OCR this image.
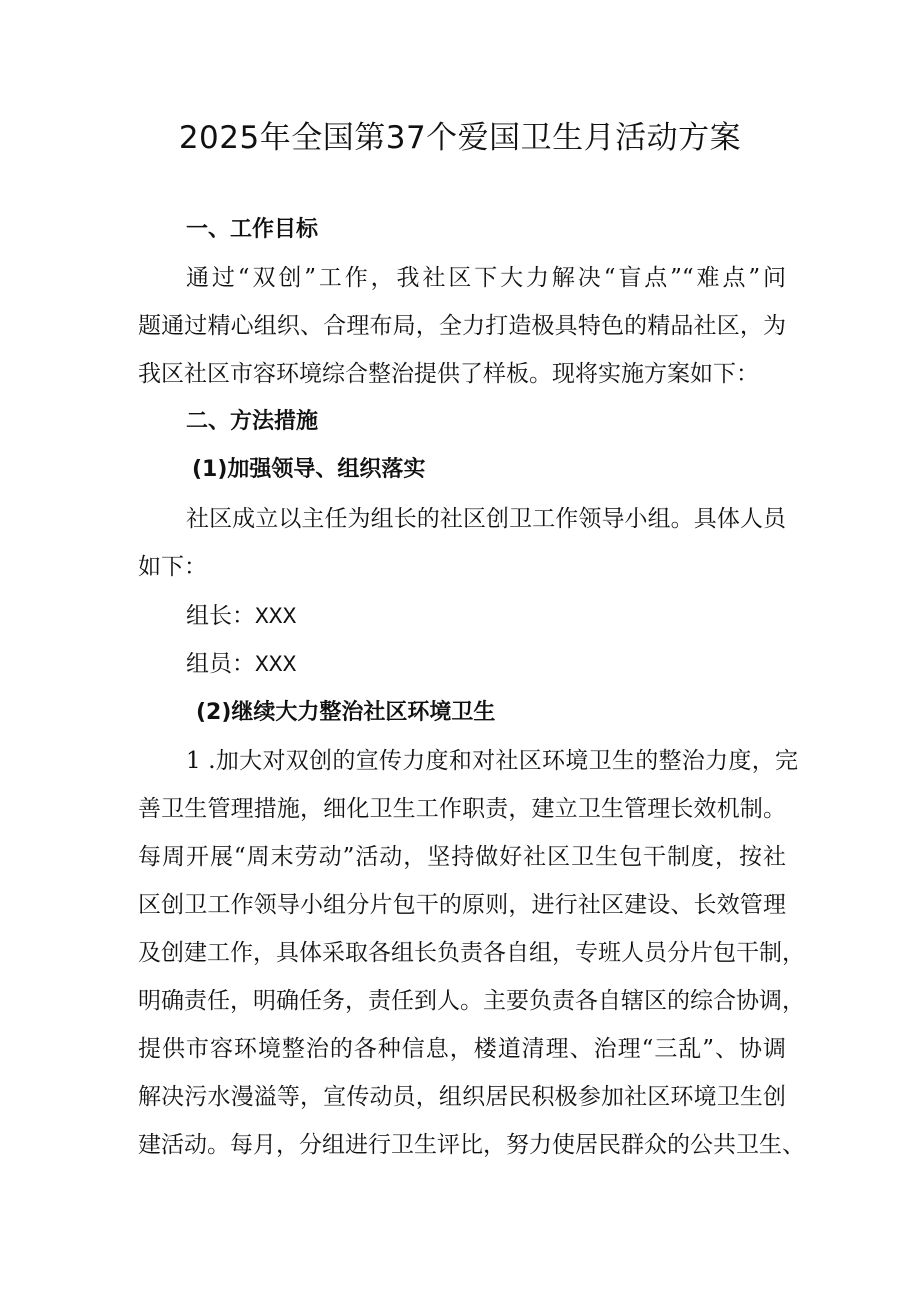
2025年全国第37个爱国卫生月活动方案
一、工作目标
通过“双创”工作，我社区下大力解决“盲点”“难点”问
题通过精心组织、合理布局，全力打造极具特色的精品社区，为
我区社区市容环境综合整治提供了样板。现将实施方案如下：
二、方法措施
(1)加强领导、组织落实
社区成立以主任为组长的社区创卫工作领导小组。具体人员
如下：
组长：XXX
组员：XXX
(2)继续大力整治社区环境卫生
1 .加大对双创的宣传力度和对社区环境卫生的整治力度，完
善卫生管理措施，细化卫生工作职责，建立卫生管理长效机制。
每周开展“周末劳动”活动，坚持做好社区卫生包干制度，按社
区创卫工作领导小组分片包干的原则，进行社区建设、长效管理
及创建工作，具体采取各组长负责各自组，专班人员分片包干制，
明确责任，明确任务，责任到人。主要负责各自辖区的综合协调，
提供市容环境整治的各种信息，楼道清理、治理“三乱”、协调
解决污水漫溢等，宣传动员，组织居民积极参加社区环境卫生创
建活动。每月，分组进行卫生评比，努力使居民群众的公共卫生、
